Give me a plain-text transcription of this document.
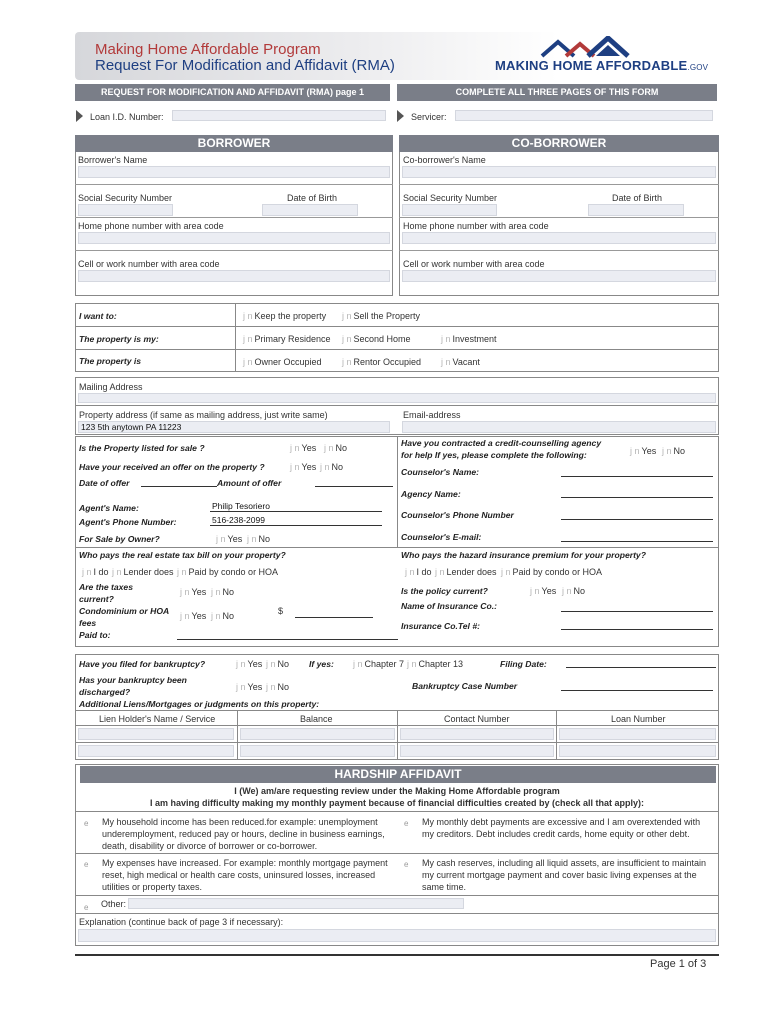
Making Home Affordable Program
Request For Modification and Affidavit (RMA)	MAKING HOME AFFORDABLE.GOV
REQUEST FOR MODIFICATION AND AFFIDAVIT (RMA) page 1	COMPLETE ALL THREE PAGES OF THIS FORM
Loan I.D. Number:	Servicer:
BORROWER
Borrower's Name
Social Security Number	Date of Birth
Home phone number with area code
Cell or work number with area code
CO-BORROWER
Co-borrower's Name
Social Security Number	Date of Birth
Home phone number with area code
Cell or work number with area code
I want to:	j n Keep the property j n Sell the Property
The property is my:	j n Primary Residence j n Second Home	j n Investment
The property is	j n Owner Occupied j n Rentor Occupied j n Vacant
Mailing Address
Property address (if same as mailing address, just write same)	Email-address
123 5th anytown PA 11223
Is the Property listed for sale ?	j n Yes j n No
Have your received an offer on the property ?	j n Yes j n No
Date of offer	Amount of offer
Agent's Name:	Philip Tesoriero
Agent's Phone Number:	516-238-2099
For Sale by Owner?	j n Yes j n No
Have you contracted a credit-counselling agency
for help If yes, please complete the following:	j n Yes j n No
Counselor's Name:
Agency Name:
Counselor's Phone Number
Counselor's E-mail:
Who pays the real estate tax bill on your property?
j n I do j n Lender does j n Paid by condo or HOA
Are the taxes
current?
j n Yes j n No
Condominium or HOA
fees
j n Yes j n No	$
Paid to:
Who pays the hazard insurance premium for your property?
j n I do j n Lender does j n Paid by condo or HOA
Is the policy current?	j n Yes j n No
Name of Insurance Co.:
Insurance Co.Tel #:
Have you filed for bankruptcy?	j n Yes j n No If yes: j n Chapter 7 j n Chapter 13	Filing Date:
Has your bankruptcy been
discharged?	j n Yes j n No	Bankruptcy Case Number
Additional Liens/Mortgages or judgments on this property:
Lien Holder's Name / Service	Balance	Contact Number	Loan Number
HARDSHIP AFFIDAVIT
I (We) am/are requesting review under the Making Home Affordable program
I am having difficulty making my monthly payment because of financial difficulties created by (check all that apply):
e My household income has been reduced.for example: unemployment
underemployment, reduced pay or hours, decline in business earnings,
death, disability or divorce of borrower or co-borrower.
e My monthly debt payments are excessive and I am overextended with
my creditors. Debt includes credit cards, home equity or other debt.
e My expenses have increased. For example: monthly mortgage payment
reset, high medical or health care costs, uninsured losses, increased
utilities or property taxes.
e My cash reserves, including all liquid assets, are insufficient to maintain
my current mortgage payment and cover basic living expenses at the
same time.
e Other:
Explanation (continue back of page 3 if necessary):
Page 1 of 3
